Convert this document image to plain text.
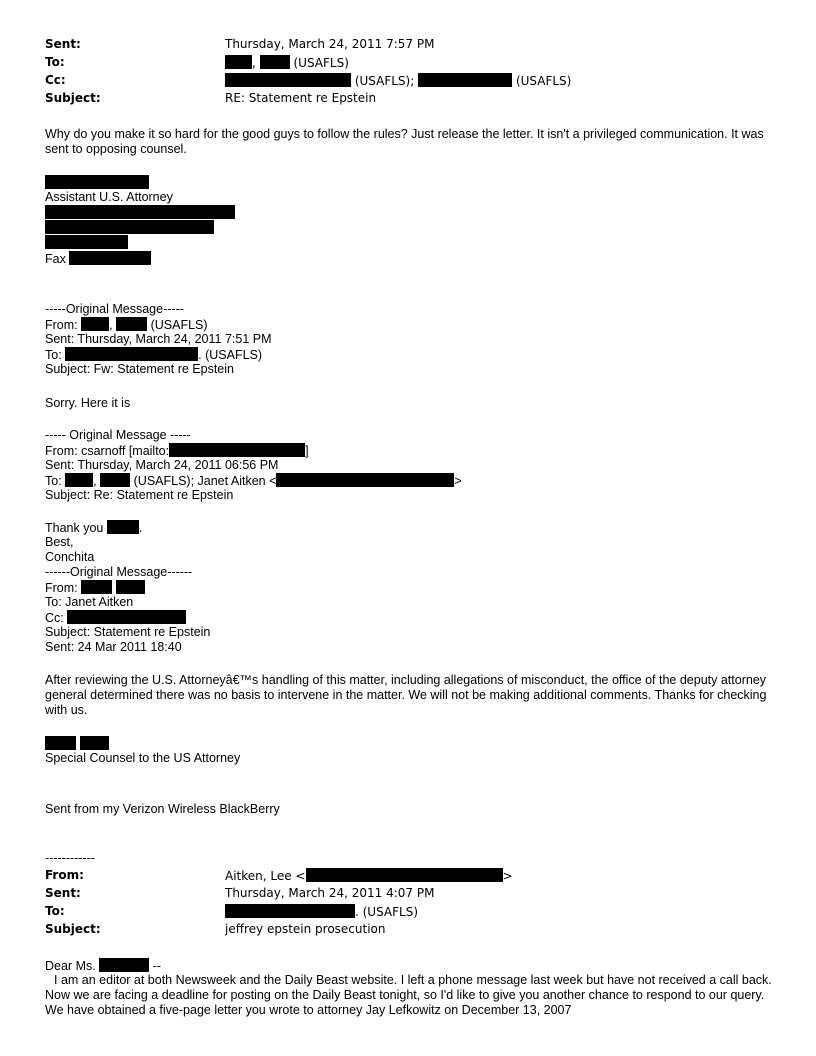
Sent:	Thursday, March 24, 2011 7:57 PM
To:	,	(USAFLS)
Cc:	(USAFLS);	(USAFLS)
Subject:	RE: Statement re Epstein
Why do you make it so hard for the good guys to follow the rules? Just release the letter. It isn't a privileged communication. It was sent to opposing counsel.
Assistant U.S. Attorney
Fax
-----Original Message-----
From:	,	(USAFLS)
Sent: Thursday, March 24, 2011 7:51 PM
To:	. (USAFLS)
Subject: Fw: Statement re Epstein
Sorry. Here it is
----- Original Message -----
From: csarnoff [mailto:	]
Sent: Thursday, March 24, 2011 06:56 PM
To:	,	(USAFLS); Janet Aitken <	>
Subject: Re: Statement re Epstein
Thank you	.
Best,
Conchita
------Original Message------
From:
To: Janet Aitken
Cc:
Subject: Statement re Epstein
Sent: 24 Mar 2011 18:40
After reviewing the U.S. Attorneyâ€™s handling of this matter, including allegations of misconduct, the office of the deputy attorney general determined there was no basis to intervene in the matter. We will not be making additional comments. Thanks for checking with us.
Special Counsel to the US Attorney
Sent from my Verizon Wireless BlackBerry
------------
From:	Aitken, Lee <	>
Sent:	Thursday, March 24, 2011 4:07 PM
To:	. (USAFLS)
Subject:	jeffrey epstein prosecution
Dear Ms.	--
I am an editor at both Newsweek and the Daily Beast website. I left a phone message last week but have not received a call back. Now we are facing a deadline for posting on the Daily Beast tonight, so I'd like to give you another chance to respond to our query. We have obtained a five-page letter you wrote to attorney Jay Lefkowitz on December 13, 2007
